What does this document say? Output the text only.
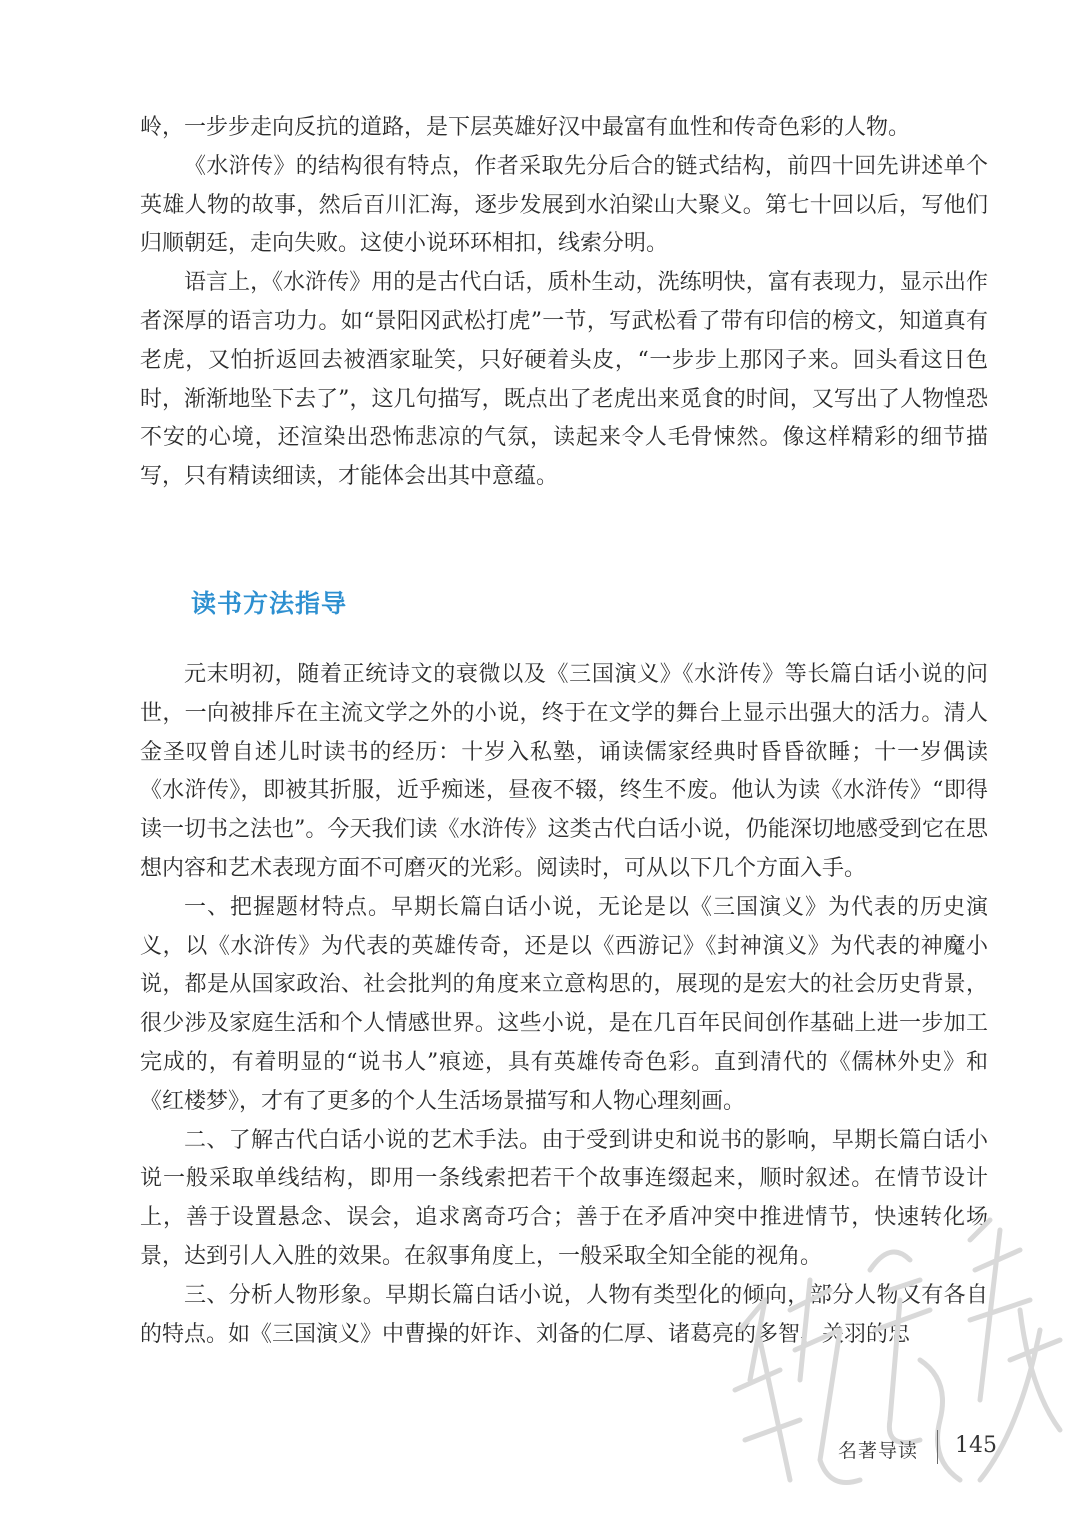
岭，一步步走向反抗的道路，是下层英雄好汉中最富有血性和传奇色彩的人物。

《水浒传》的结构很有特点，作者采取先分后合的链式结构，前四十回先讲述单个英雄人物的故事，然后百川汇海，逐步发展到水泊梁山大聚义。第七十回以后，写他们归顺朝廷，走向失败。这使小说环环相扣，线索分明。

语言上，《水浒传》用的是古代白话，质朴生动，洗练明快，富有表现力，显示出作者深厚的语言功力。如“景阳冈武松打虎”一节，写武松看了带有印信的榜文，知道真有老虎，又怕折返回去被酒家耻笑，只好硬着头皮，“一步步上那冈子来。回头看这日色时，渐渐地坠下去了”，这几句描写，既点出了老虎出来觅食的时间，又写出了人物惶恐不安的心境，还渲染出恐怖悲凉的气氛，读起来令人毛骨悚然。像这样精彩的细节描写，只有精读细读，才能体会出其中意蕴。

读书方法指导

元末明初，随着正统诗文的衰微以及《三国演义》《水浒传》等长篇白话小说的问世，一向被排斥在主流文学之外的小说，终于在文学的舞台上显示出强大的活力。清人金圣叹曾自述儿时读书的经历：十岁入私塾，诵读儒家经典时昏昏欲睡；十一岁偶读《水浒传》，即被其折服，近乎痴迷，昼夜不辍，终生不废。他认为读《水浒传》“即得读一切书之法也”。今天我们读《水浒传》这类古代白话小说，仍能深切地感受到它在思想内容和艺术表现方面不可磨灭的光彩。阅读时，可从以下几个方面入手。

一、把握题材特点。早期长篇白话小说，无论是以《三国演义》为代表的历史演义，以《水浒传》为代表的英雄传奇，还是以《西游记》《封神演义》为代表的神魔小说，都是从国家政治、社会批判的角度来立意构思的，展现的是宏大的社会历史背景，很少涉及家庭生活和个人情感世界。这些小说，是在几百年民间创作基础上进一步加工完成的，有着明显的“说书人”痕迹，具有英雄传奇色彩。直到清代的《儒林外史》和《红楼梦》，才有了更多的个人生活场景描写和人物心理刻画。

二、了解古代白话小说的艺术手法。由于受到讲史和说书的影响，早期长篇白话小说一般采取单线结构，即用一条线索把若干个故事连缀起来，顺时叙述。在情节设计上，善于设置悬念、误会，追求离奇巧合；善于在矛盾冲突中推进情节，快速转化场景，达到引人入胜的效果。在叙事角度上，一般采取全知全能的视角。

三、分析人物形象。早期长篇白话小说，人物有类型化的倾向，部分人物又有各自的特点。如《三国演义》中曹操的奸诈、刘备的仁厚、诸葛亮的多智、关羽的忠

名著导读 145
